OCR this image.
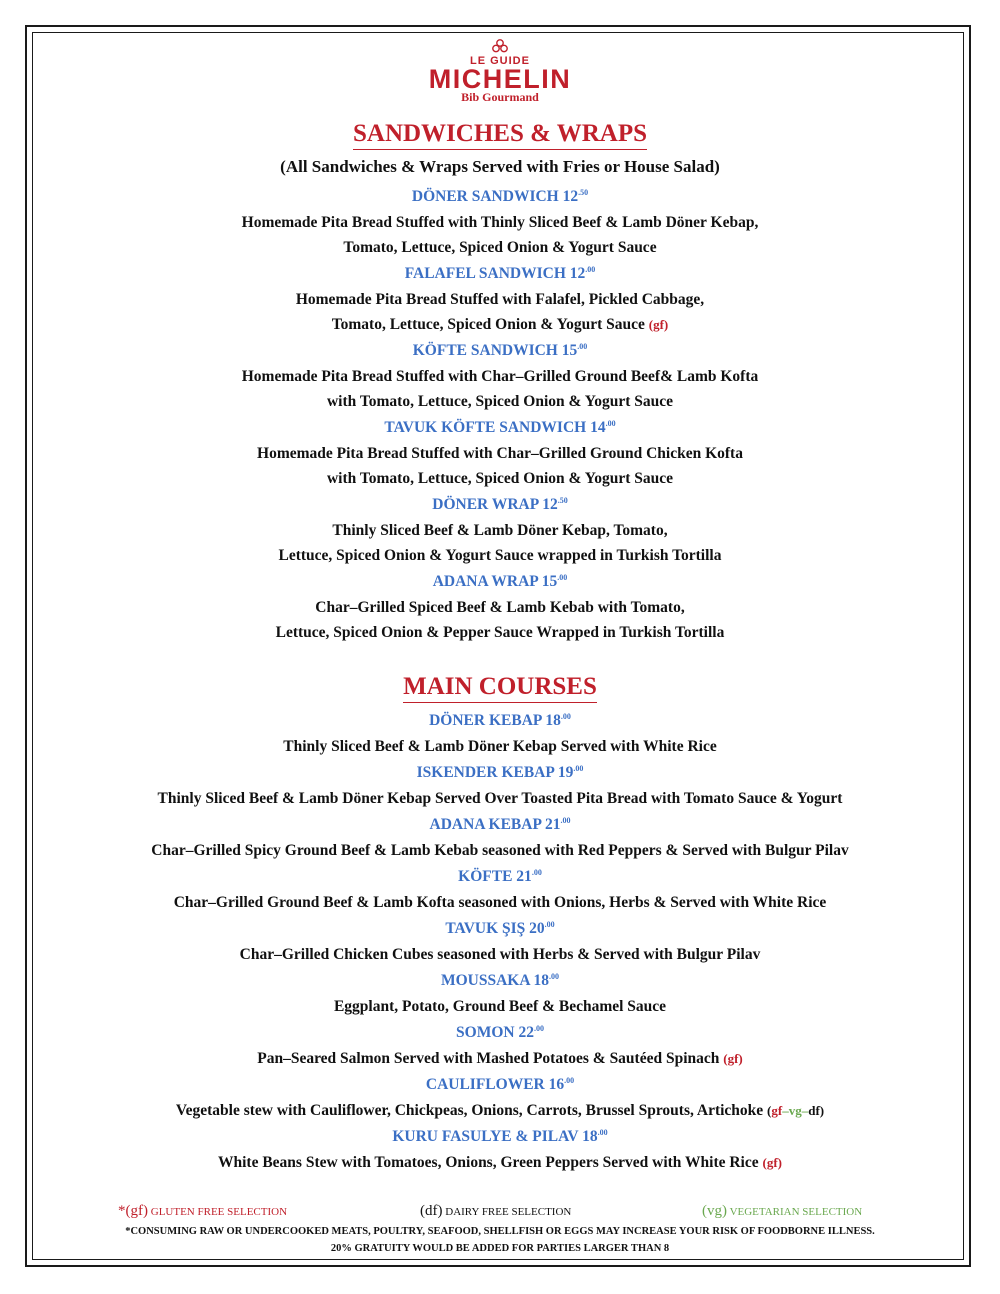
LE GUIDE
MICHELIN
Bib Gourmand
SANDWICHES & WRAPS
(All Sandwiches & Wraps Served with Fries or House Salad)
DÖNER SANDWICH $12^{.50}$
Homemade Pita Bread Stuffed with Thinly Sliced Beef & Lamb Döner Kebap,
Tomato, Lettuce, Spiced Onion & Yogurt Sauce
FALAFEL SANDWICH $12^{.00}$
Homemade Pita Bread Stuffed with Falafel, Pickled Cabbage,
Tomato, Lettuce, Spiced Onion & Yogurt Sauce (gf)
KÖFTE SANDWICH $15^{.00}$
Homemade Pita Bread Stuffed with Char–Grilled Ground Beef& Lamb Kofta
with Tomato, Lettuce, Spiced Onion & Yogurt Sauce
TAVUK KÖFTE SANDWICH $14^{.00}$
Homemade Pita Bread Stuffed with Char–Grilled Ground Chicken Kofta
with Tomato, Lettuce, Spiced Onion & Yogurt Sauce
DÖNER WRAP $12^{.50}$
Thinly Sliced Beef & Lamb Döner Kebap, Tomato,
Lettuce, Spiced Onion & Yogurt Sauce wrapped in Turkish Tortilla
ADANA WRAP $15^{.00}$
Char–Grilled Spiced Beef & Lamb Kebab with Tomato,
Lettuce, Spiced Onion & Pepper Sauce Wrapped in Turkish Tortilla
MAIN COURSES
DÖNER KEBAP $18^{.00}$
Thinly Sliced Beef & Lamb Döner Kebap Served with White Rice
ISKENDER KEBAP $19^{.00}$
Thinly Sliced Beef & Lamb Döner Kebap Served Over Toasted Pita Bread with Tomato Sauce & Yogurt
ADANA KEBAP $21^{.00}$
Char–Grilled Spicy Ground Beef & Lamb Kebab seasoned with Red Peppers & Served with Bulgur Pilav
KÖFTE $21^{.00}$
Char–Grilled Ground Beef & Lamb Kofta seasoned with Onions, Herbs & Served with White Rice
TAVUK ŞIŞ $20^{.00}$
Char–Grilled Chicken Cubes seasoned with Herbs & Served with Bulgur Pilav
MOUSSAKA $18^{.00}$
Eggplant, Potato, Ground Beef & Bechamel Sauce
SOMON $22^{.00}$
Pan–Seared Salmon Served with Mashed Potatoes & Sautéed Spinach (gf)
CAULIFLOWER $16^{.00}$
Vegetable stew with Cauliflower, Chickpeas, Onions, Carrots, Brussel Sprouts, Artichoke (gf–vg–df)
KURU FASULYE & PILAV $18^{.00}$
White Beans Stew with Tomatoes, Onions, Green Peppers Served with White Rice (gf)
*(gf) GLUTEN FREE SELECTION	(df) DAIRY FREE SELECTION	(vg) VEGETARIAN SELECTION
*CONSUMING RAW OR UNDERCOOKED MEATS, POULTRY, SEAFOOD, SHELLFISH OR EGGS MAY INCREASE YOUR RISK OF FOODBORNE ILLNESS.
20% GRATUITY WOULD BE ADDED FOR PARTIES LARGER THAN 8
